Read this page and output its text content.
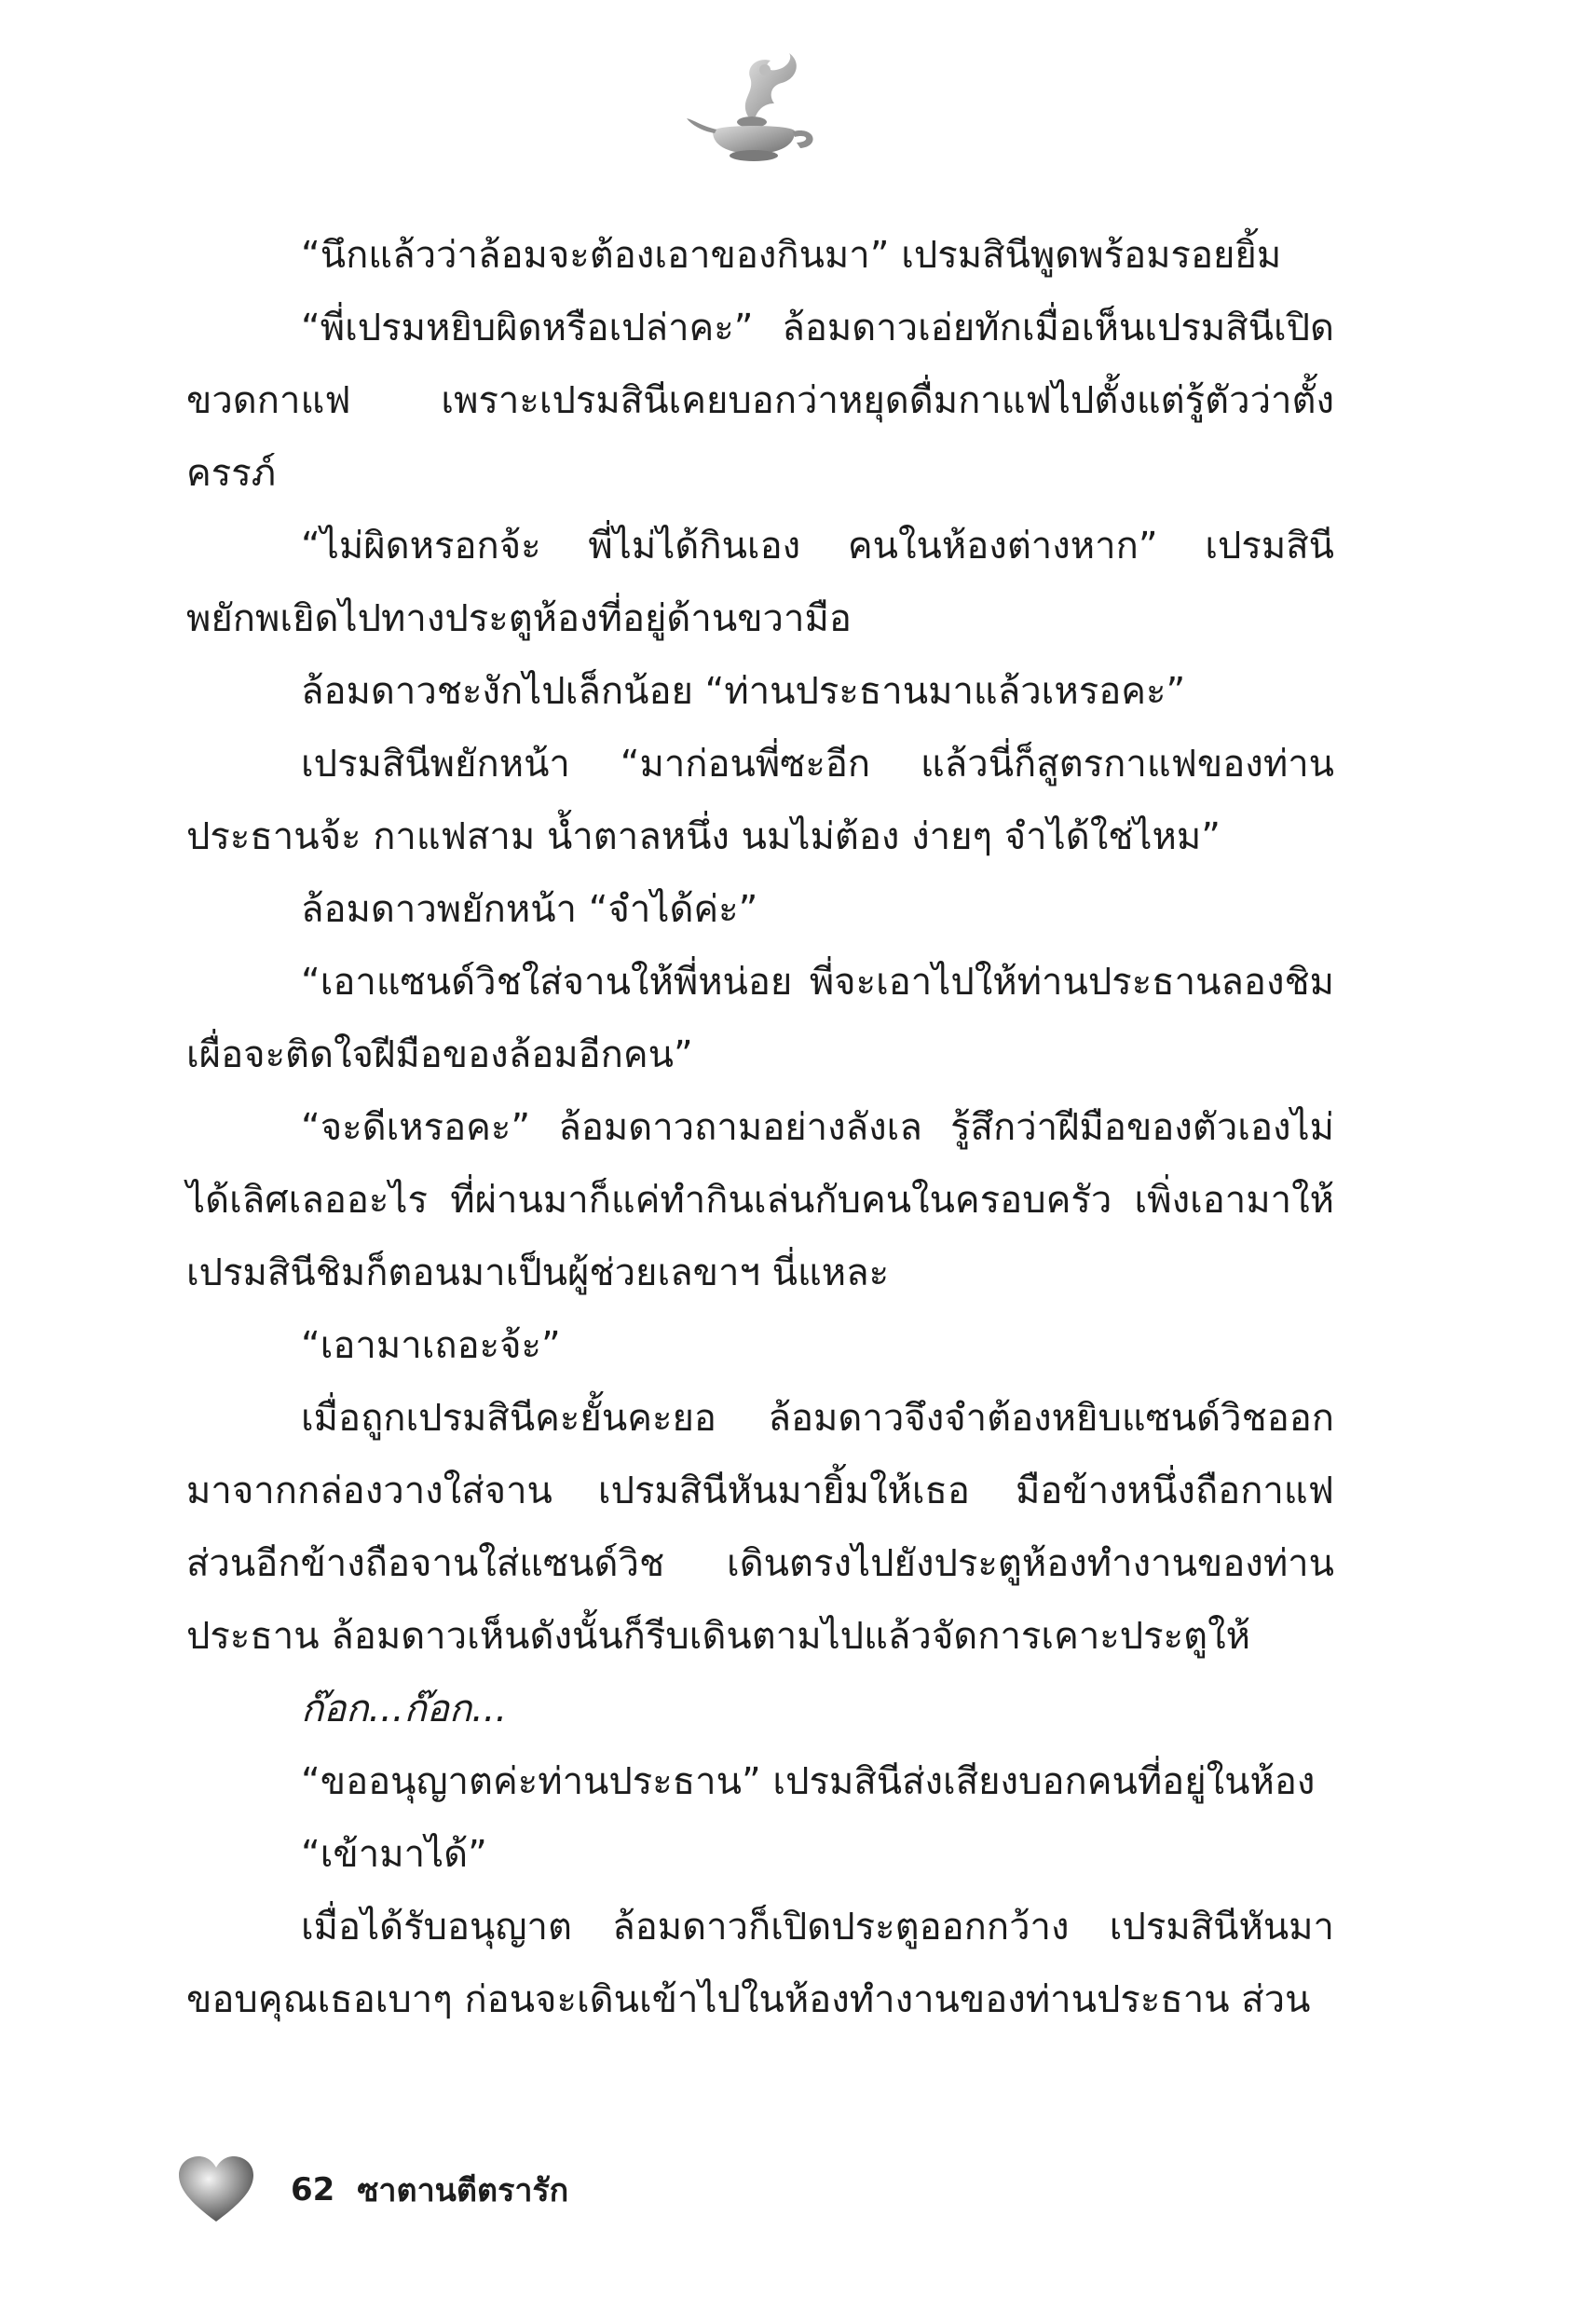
“นึกแล้วว่าล้อมจะต้องเอาของกินมา” เปรมสินีพูดพร้อมรอยยิ้ม

“พี่เปรมหยิบผิดหรือเปล่าคะ” ล้อมดาวเอ่ยทักเมื่อเห็นเปรมสินีเปิดขวดกาแฟ เพราะเปรมสินีเคยบอกว่าหยุดดื่มกาแฟไปตั้งแต่รู้ตัวว่าตั้งครรภ์

“ไม่ผิดหรอกจ้ะ พี่ไม่ได้กินเอง คนในห้องต่างหาก” เปรมสินีพยักพเยิดไปทางประตูห้องที่อยู่ด้านขวามือ

ล้อมดาวชะงักไปเล็กน้อย “ท่านประธานมาแล้วเหรอคะ”

เปรมสินีพยักหน้า “มาก่อนพี่ซะอีก แล้วนี่ก็สูตรกาแฟของท่านประธานจ้ะ กาแฟสาม น้ำตาลหนึ่ง นมไม่ต้อง ง่ายๆ จำได้ใช่ไหม”

ล้อมดาวพยักหน้า “จำได้ค่ะ”

“เอาแซนด์วิชใส่จานให้พี่หน่อย พี่จะเอาไปให้ท่านประธานลองชิมเผื่อจะติดใจฝีมือของล้อมอีกคน”

“จะดีเหรอคะ” ล้อมดาวถามอย่างลังเล รู้สึกว่าฝีมือของตัวเองไม่ได้เลิศเลออะไร ที่ผ่านมาก็แค่ทำกินเล่นกับคนในครอบครัว เพิ่งเอามาให้เปรมสินีชิมก็ตอนมาเป็นผู้ช่วยเลขาฯ นี่แหละ

“เอามาเถอะจ้ะ”

เมื่อถูกเปรมสินีคะยั้นคะยอ ล้อมดาวจึงจำต้องหยิบแซนด์วิชออกมาจากกล่องวางใส่จาน เปรมสินีหันมายิ้มให้เธอ มือข้างหนึ่งถือกาแฟ ส่วนอีกข้างถือจานใส่แซนด์วิช เดินตรงไปยังประตูห้องทำงานของท่านประธาน ล้อมดาวเห็นดังนั้นก็รีบเดินตามไปแล้วจัดการเคาะประตูให้

ก๊อก...ก๊อก...

“ขออนุญาตค่ะท่านประธาน” เปรมสินีส่งเสียงบอกคนที่อยู่ในห้อง

“เข้ามาได้”

เมื่อได้รับอนุญาต ล้อมดาวก็เปิดประตูออกกว้าง เปรมสินีหันมาขอบคุณเธอเบาๆ ก่อนจะเดินเข้าไปในห้องทำงานของท่านประธาน ส่วน

62 ซาตานตีตรารัก
